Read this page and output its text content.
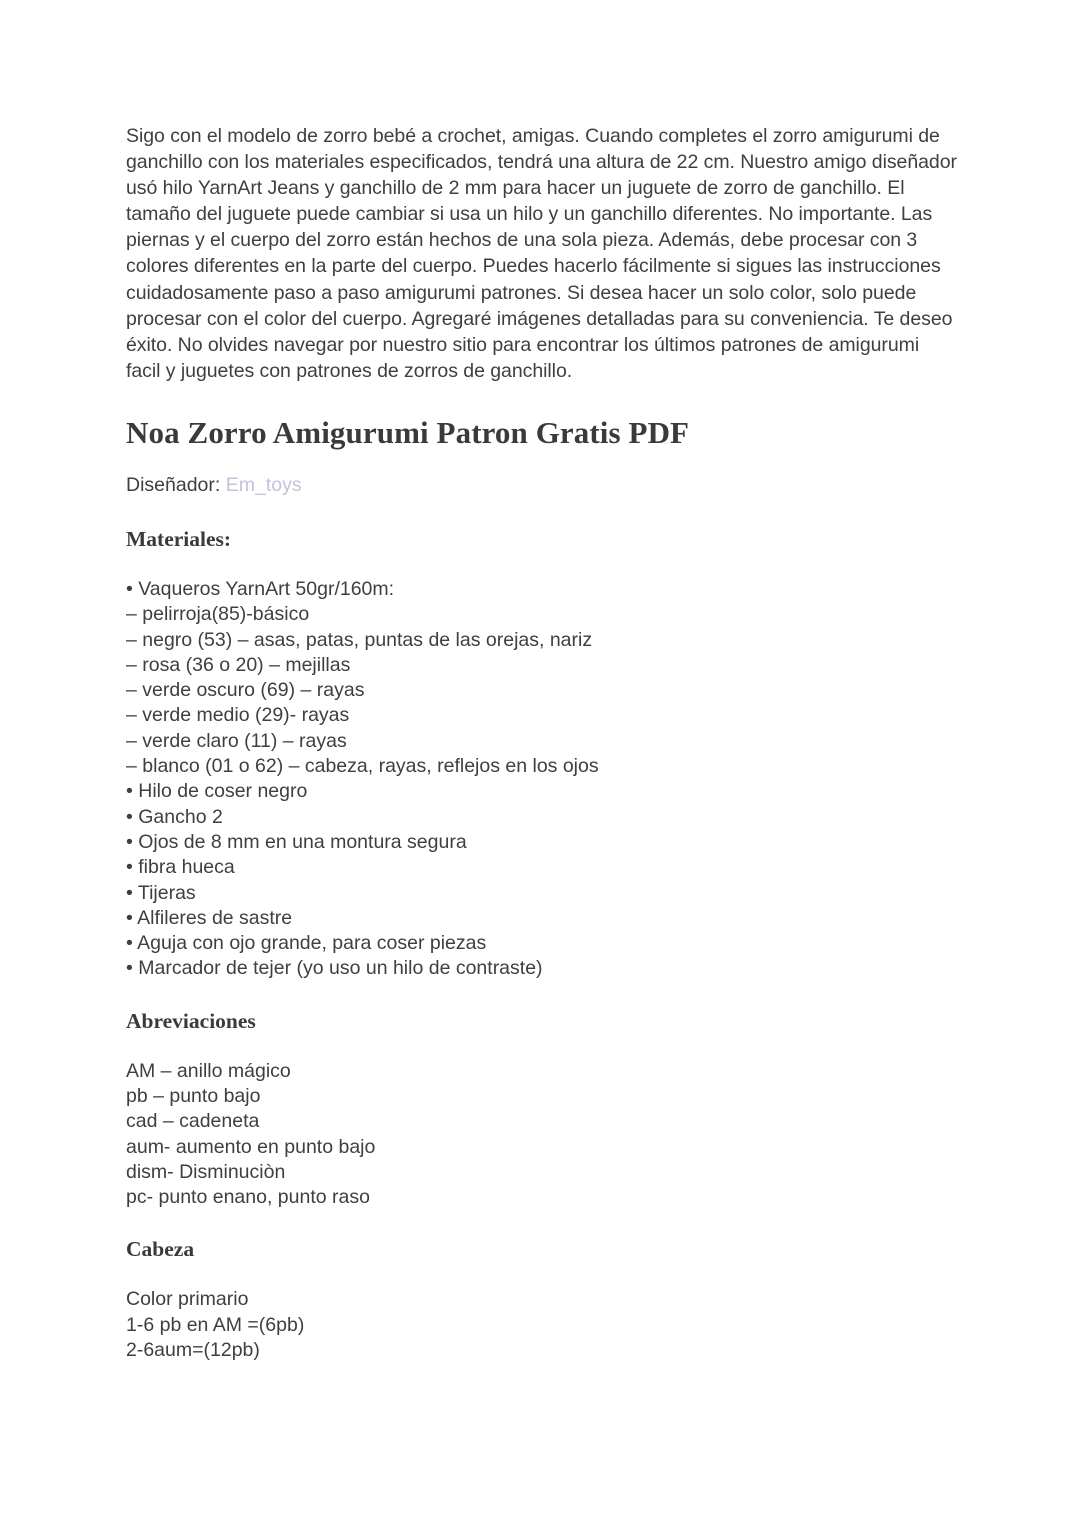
Sigo con el modelo de zorro bebé a crochet, amigas. Cuando completes el zorro amigurumi de ganchillo con los materiales especificados, tendrá una altura de 22 cm. Nuestro amigo diseñador usó hilo YarnArt Jeans y ganchillo de 2 mm para hacer un juguete de zorro de ganchillo. El tamaño del juguete puede cambiar si usa un hilo y un ganchillo diferentes. No importante. Las piernas y el cuerpo del zorro están hechos de una sola pieza. Además, debe procesar con 3 colores diferentes en la parte del cuerpo. Puedes hacerlo fácilmente si sigues las instrucciones cuidadosamente paso a paso amigurumi patrones. Si desea hacer un solo color, solo puede procesar con el color del cuerpo. Agregaré imágenes detalladas para su conveniencia. Te deseo éxito. No olvides navegar por nuestro sitio para encontrar los últimos patrones de amigurumi facil y juguetes con patrones de zorros de ganchillo.

Noa Zorro Amigurumi Patron Gratis PDF

Diseñador: Em_toys

Materiales:
• Vaqueros YarnArt 50gr/160m:
– pelirroja(85)-básico
– negro (53) – asas, patas, puntas de las orejas, nariz
– rosa (36 o 20) – mejillas
– verde oscuro (69) – rayas
– verde medio (29)- rayas
– verde claro (11) – rayas
– blanco (01 o 62) – cabeza, rayas, reflejos en los ojos
• Hilo de coser negro
• Gancho 2
• Ojos de 8 mm en una montura segura
• fibra hueca
• Tijeras
• Alfileres de sastre
• Aguja con ojo grande, para coser piezas
• Marcador de tejer (yo uso un hilo de contraste)
Abreviaciones
AM – anillo mágico
pb – punto bajo
cad – cadeneta
aum- aumento en punto bajo
dism- Disminuciòn
pc- punto enano, punto raso
Cabeza
Color primario
1-6 pb en AM =(6pb)
2-6aum=(12pb)
